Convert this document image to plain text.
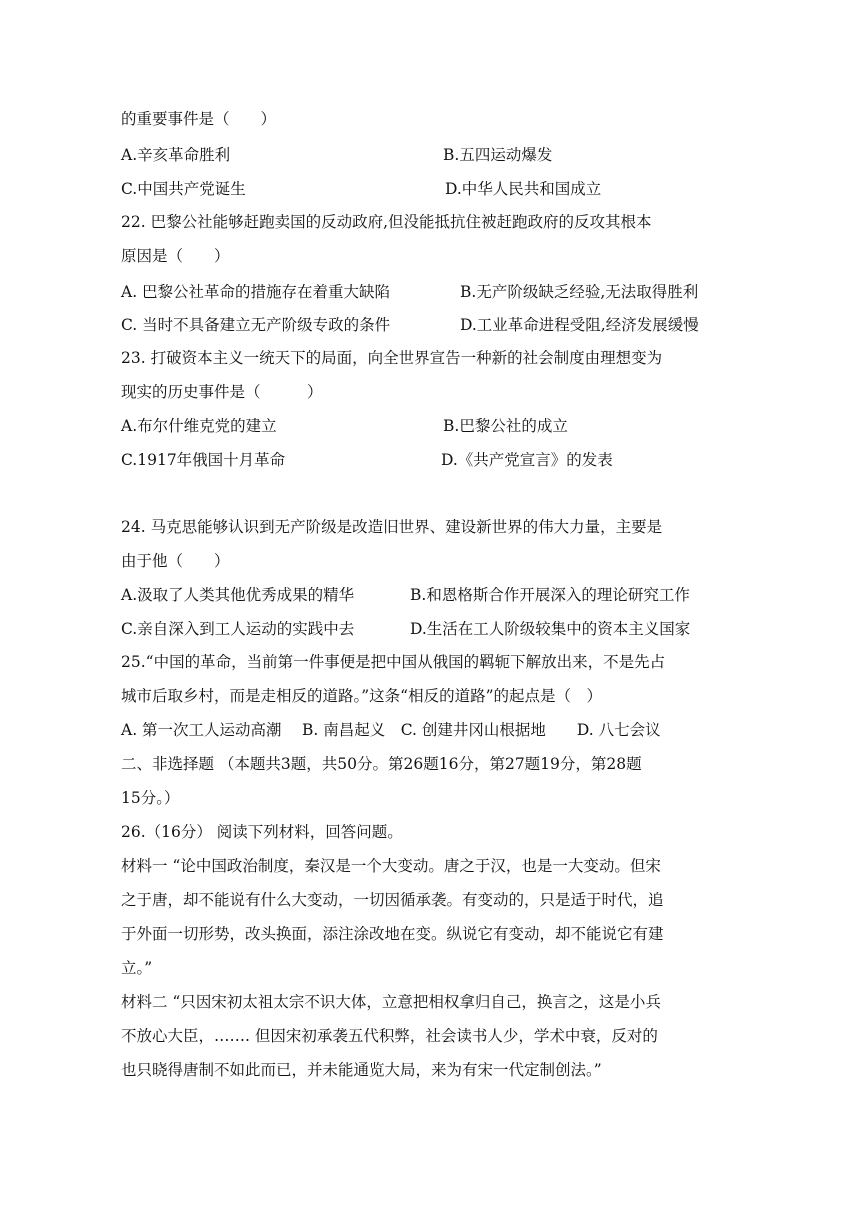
的重要事件是（　　）
A.辛亥革命胜利	B.五四运动爆发
C.中国共产党诞生	D.中华人民共和国成立
22. 巴黎公社能够赶跑卖国的反动政府,但没能抵抗住被赶跑政府的反攻其根本
原因是（　　）
A. 巴黎公社革命的措施存在着重大缺陷	B.无产阶级缺乏经验,无法取得胜利
C. 当时不具备建立无产阶级专政的条件	D.工业革命进程受阻,经济发展缓慢
23. 打破资本主义一统天下的局面，向全世界宣告一种新的社会制度由理想变为
现实的历史事件是（　　　）
A.布尔什维克党的建立	B.巴黎公社的成立
C.1917年俄国十月革命	D.《共产党宣言》的发表
24. 马克思能够认识到无产阶级是改造旧世界、建设新世界的伟大力量，主要是
由于他（　　）
A.汲取了人类其他优秀成果的精华	B.和恩格斯合作开展深入的理论研究工作
C.亲自深入到工人运动的实践中去	D.生活在工人阶级较集中的资本主义国家
25.“中国的革命，当前第一件事便是把中国从俄国的羁轭下解放出来，不是先占
城市后取乡村，而是走相反的道路。”这条“相反的道路”的起点是（　）
A. 第一次工人运动高潮　 B. 南昌起义　C. 创建井冈山根据地　　D. 八七会议
二、非选择题 （本题共3题，共50分。第26题16分，第27题19分，第28题
15分。）
26.（16分） 阅读下列材料，回答问题。
材料一 “论中国政治制度，秦汉是一个大变动。唐之于汉，也是一大变动。但宋
之于唐，却不能说有什么大变动，一切因循承袭。有变动的，只是适于时代，追
于外面一切形势，改头换面，添注涂改地在变。纵说它有变动，却不能说它有建
立。”
材料二 “只因宋初太祖太宗不识大体，立意把相权拿归自己，换言之，这是小兵
不放心大臣，……. 但因宋初承袭五代积弊，社会读书人少，学术中衰，反对的
也只晓得唐制不如此而已，并未能通览大局，来为有宋一代定制创法。”
